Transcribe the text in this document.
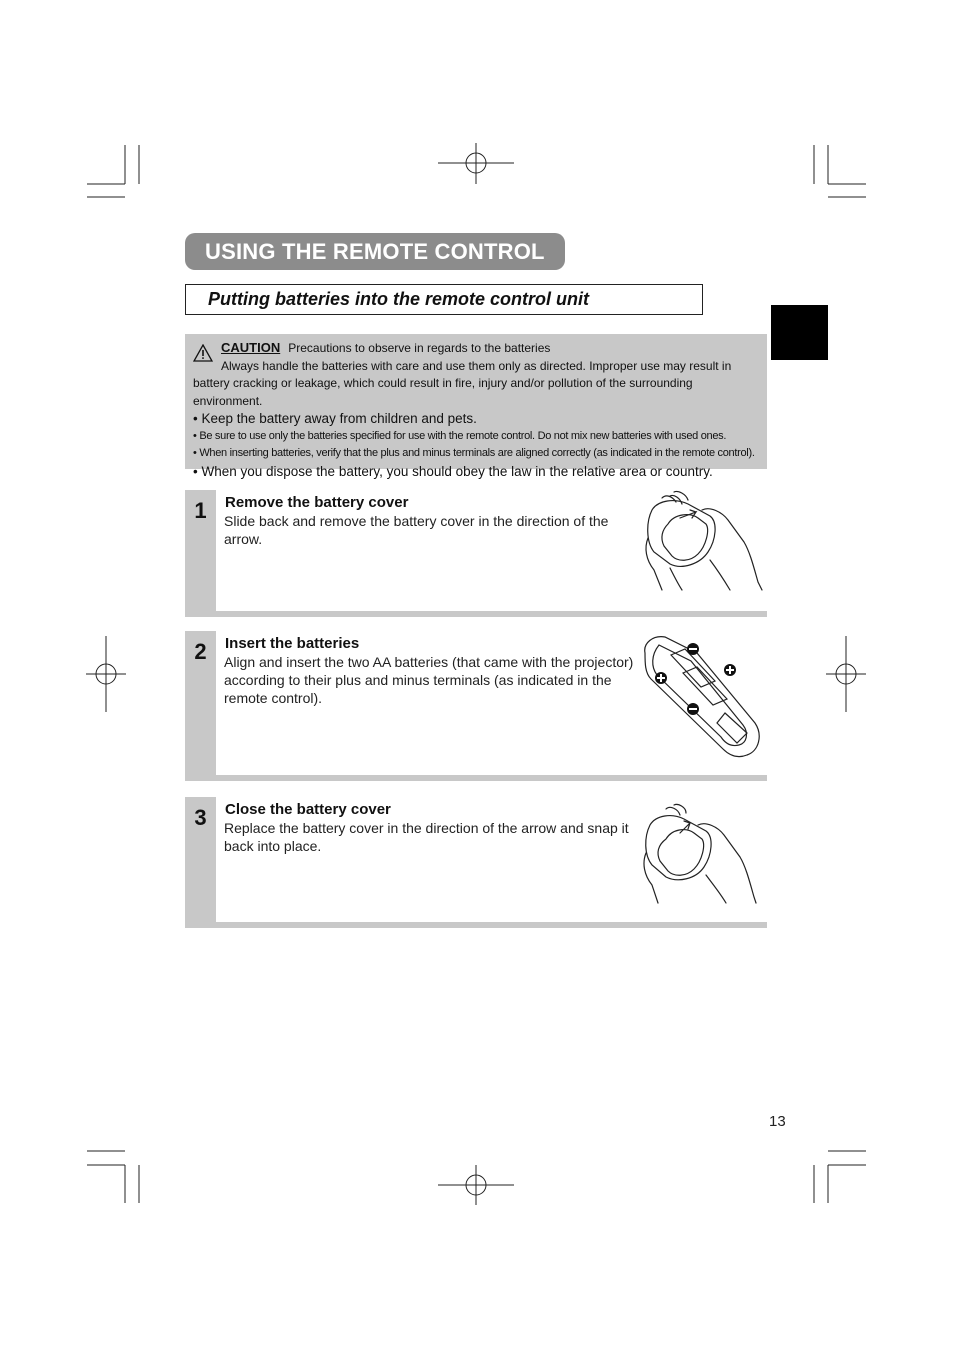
USING THE REMOTE CONTROL
Putting batteries into the remote control unit
CAUTION Precautions to observe in regards to the batteries
Always handle the batteries with care and use them only as directed. Improper use may result in
battery cracking or leakage, which could result in fire, injury and/or pollution of the surrounding environment.
• Keep the battery away from children and pets.
• Be sure to use only the batteries specified for use with the remote control. Do not mix new batteries with used ones.
• When inserting batteries, verify that the plus and minus terminals are aligned correctly (as indicated in the remote control).
• When you dispose the battery, you should obey the law in the relative area or country.
1	Remove the battery cover
Slide back and remove the battery cover in the direction of the arrow.
2	Insert the batteries
Align and insert the two AA batteries (that came with the projector) according to their plus and minus terminals (as indicated in the remote control).
3	Close the battery cover
Replace the battery cover in the direction of the arrow and snap it back into place.
13
